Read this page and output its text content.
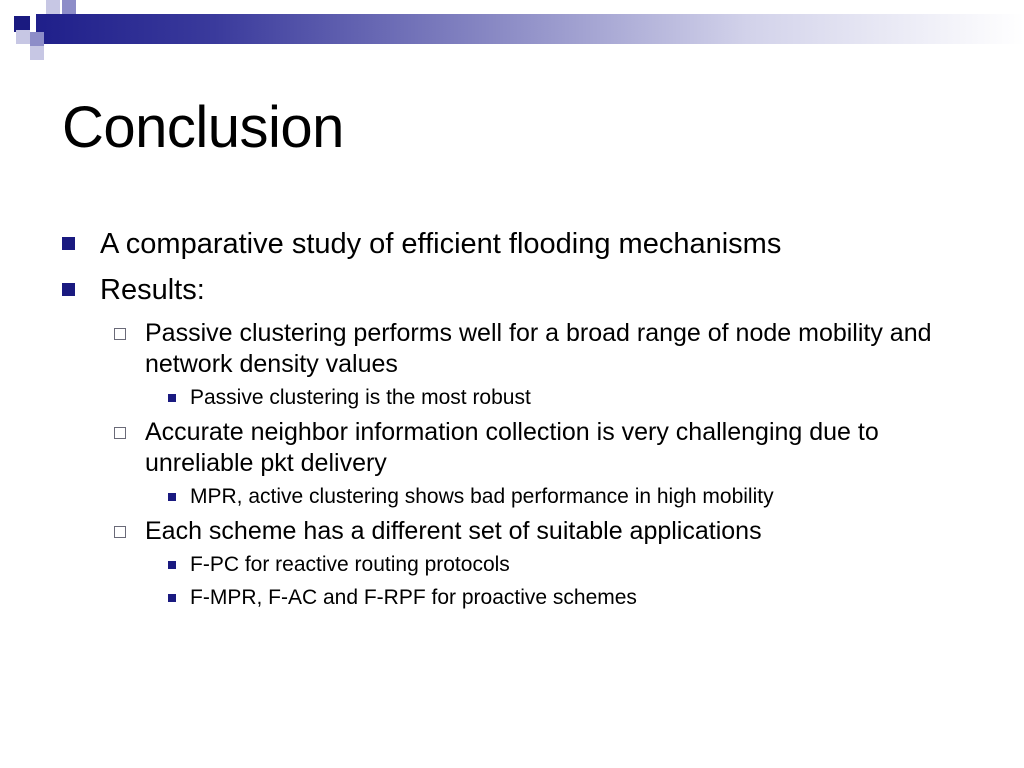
Conclusion
A comparative study of efficient flooding mechanisms
Results:
Passive clustering performs well for a broad range of node mobility and network density values
Passive clustering is the most robust
Accurate neighbor information collection is very challenging due to unreliable pkt delivery
MPR, active clustering shows bad performance in high mobility
Each scheme has a different set of suitable applications
F-PC for reactive routing protocols
F-MPR, F-AC and F-RPF for proactive schemes
